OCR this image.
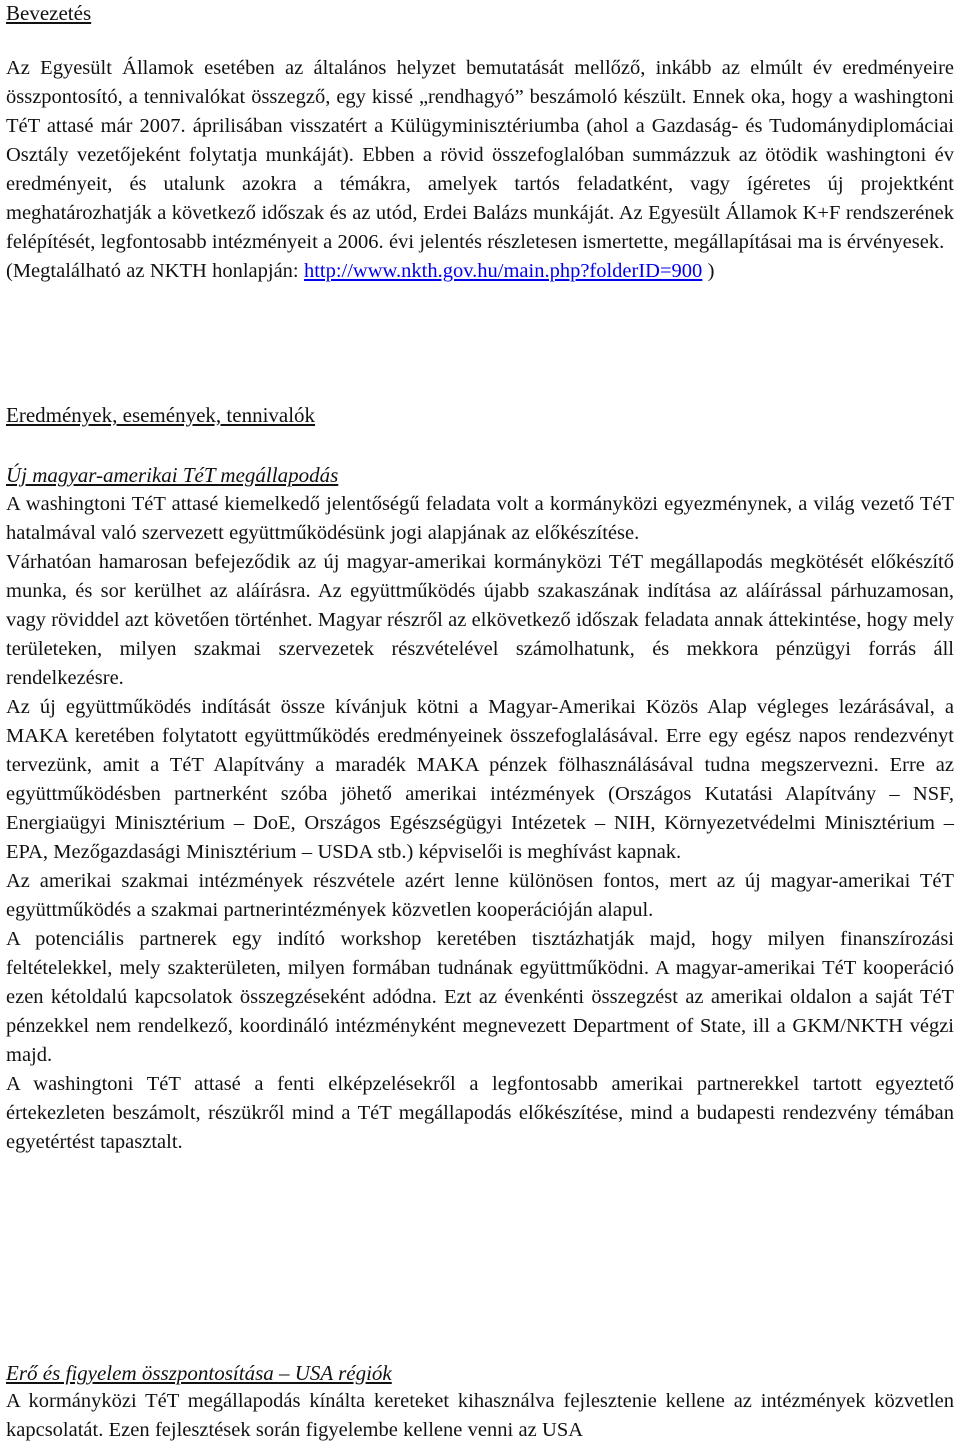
Bevezetés

Az Egyesült Államok esetében az általános helyzet bemutatását mellőző, inkább az elmúlt év eredményeire összpontosító, a tennivalókat összegző, egy kissé „rendhagyó” beszámoló készült. Ennek oka, hogy a washingtoni TéT attasé már 2007. áprilisában visszatért a Külügyminisztériumba (ahol a Gazdaság- és Tudománydiplomáciai Osztály vezetőjeként folytatja munkáját). Ebben a rövid összefoglalóban summázzuk az ötödik washingtoni év eredményeit, és utalunk azokra a témákra, amelyek tartós feladatként, vagy ígéretes új projektként meghatározhatják a következő időszak és az utód, Erdei Balázs munkáját. Az Egyesült Államok K+F rendszerének felépítését, legfontosabb intézményeit a 2006. évi jelentés részletesen ismertette, megállapításai ma is érvényesek.
(Megtalálható az NKTH honlapján: http://www.nkth.gov.hu/main.php?folderID=900 )

Eredmények, események, tennivalók
Új magyar-amerikai TéT megállapodás

A washingtoni TéT attasé kiemelkedő jelentőségű feladata volt a kormányközi egyezménynek, a világ vezető TéT hatalmával való szervezett együttműködésünk jogi alapjának az előkészítése.

Várhatóan hamarosan befejeződik az új magyar-amerikai kormányközi TéT megállapodás megkötését előkészítő munka, és sor kerülhet az aláírásra. Az együttműködés újabb szakaszának indítása az aláírással párhuzamosan, vagy röviddel azt követően történhet. Magyar részről az elkövetkező időszak feladata annak áttekintése, hogy mely területeken, milyen szakmai szervezetek részvételével számolhatunk, és mekkora pénzügyi forrás áll rendelkezésre.

Az új együttműködés indítását össze kívánjuk kötni a Magyar-Amerikai Közös Alap végleges lezárásával, a MAKA keretében folytatott együttműködés eredményeinek összefoglalásával. Erre egy egész napos rendezvényt tervezünk, amit a TéT Alapítvány a maradék MAKA pénzek fölhasználásával tudna megszervezni. Erre az együttműködésben partnerként szóba jöhető amerikai intézmények (Országos Kutatási Alapítvány – NSF, Energiaügyi Minisztérium – DoE, Országos Egészségügyi Intézetek – NIH, Környezetvédelmi Minisztérium – EPA, Mezőgazdasági Minisztérium – USDA stb.) képviselői is meghívást kapnak.

Az amerikai szakmai intézmények részvétele azért lenne különösen fontos, mert az új magyar-amerikai TéT együttműködés a szakmai partnerintézmények közvetlen kooperációján alapul.

A potenciális partnerek egy indító workshop keretében tisztázhatják majd, hogy milyen finanszírozási feltételekkel, mely szakterületen, milyen formában tudnának együttműködni. A magyar-amerikai TéT kooperáció ezen kétoldalú kapcsolatok összegzéseként adódna. Ezt az évenkénti összegzést az amerikai oldalon a saját TéT pénzekkel nem rendelkező, koordináló intézményként megnevezett Department of State, ill a GKM/NKTH végzi majd.

A washingtoni TéT attasé a fenti elképzelésekről a legfontosabb amerikai partnerekkel tartott egyeztető értekezleten beszámolt, részükről mind a TéT megállapodás előkészítése, mind a budapesti rendezvény témában egyetértést tapasztalt.

Erő és figyelem összpontosítása – USA régiók

A kormányközi TéT megállapodás kínálta kereteket kihasználva fejlesztenie kellene az intézmények közvetlen kapcsolatát. Ezen fejlesztések során figyelembe kellene venni az USA
